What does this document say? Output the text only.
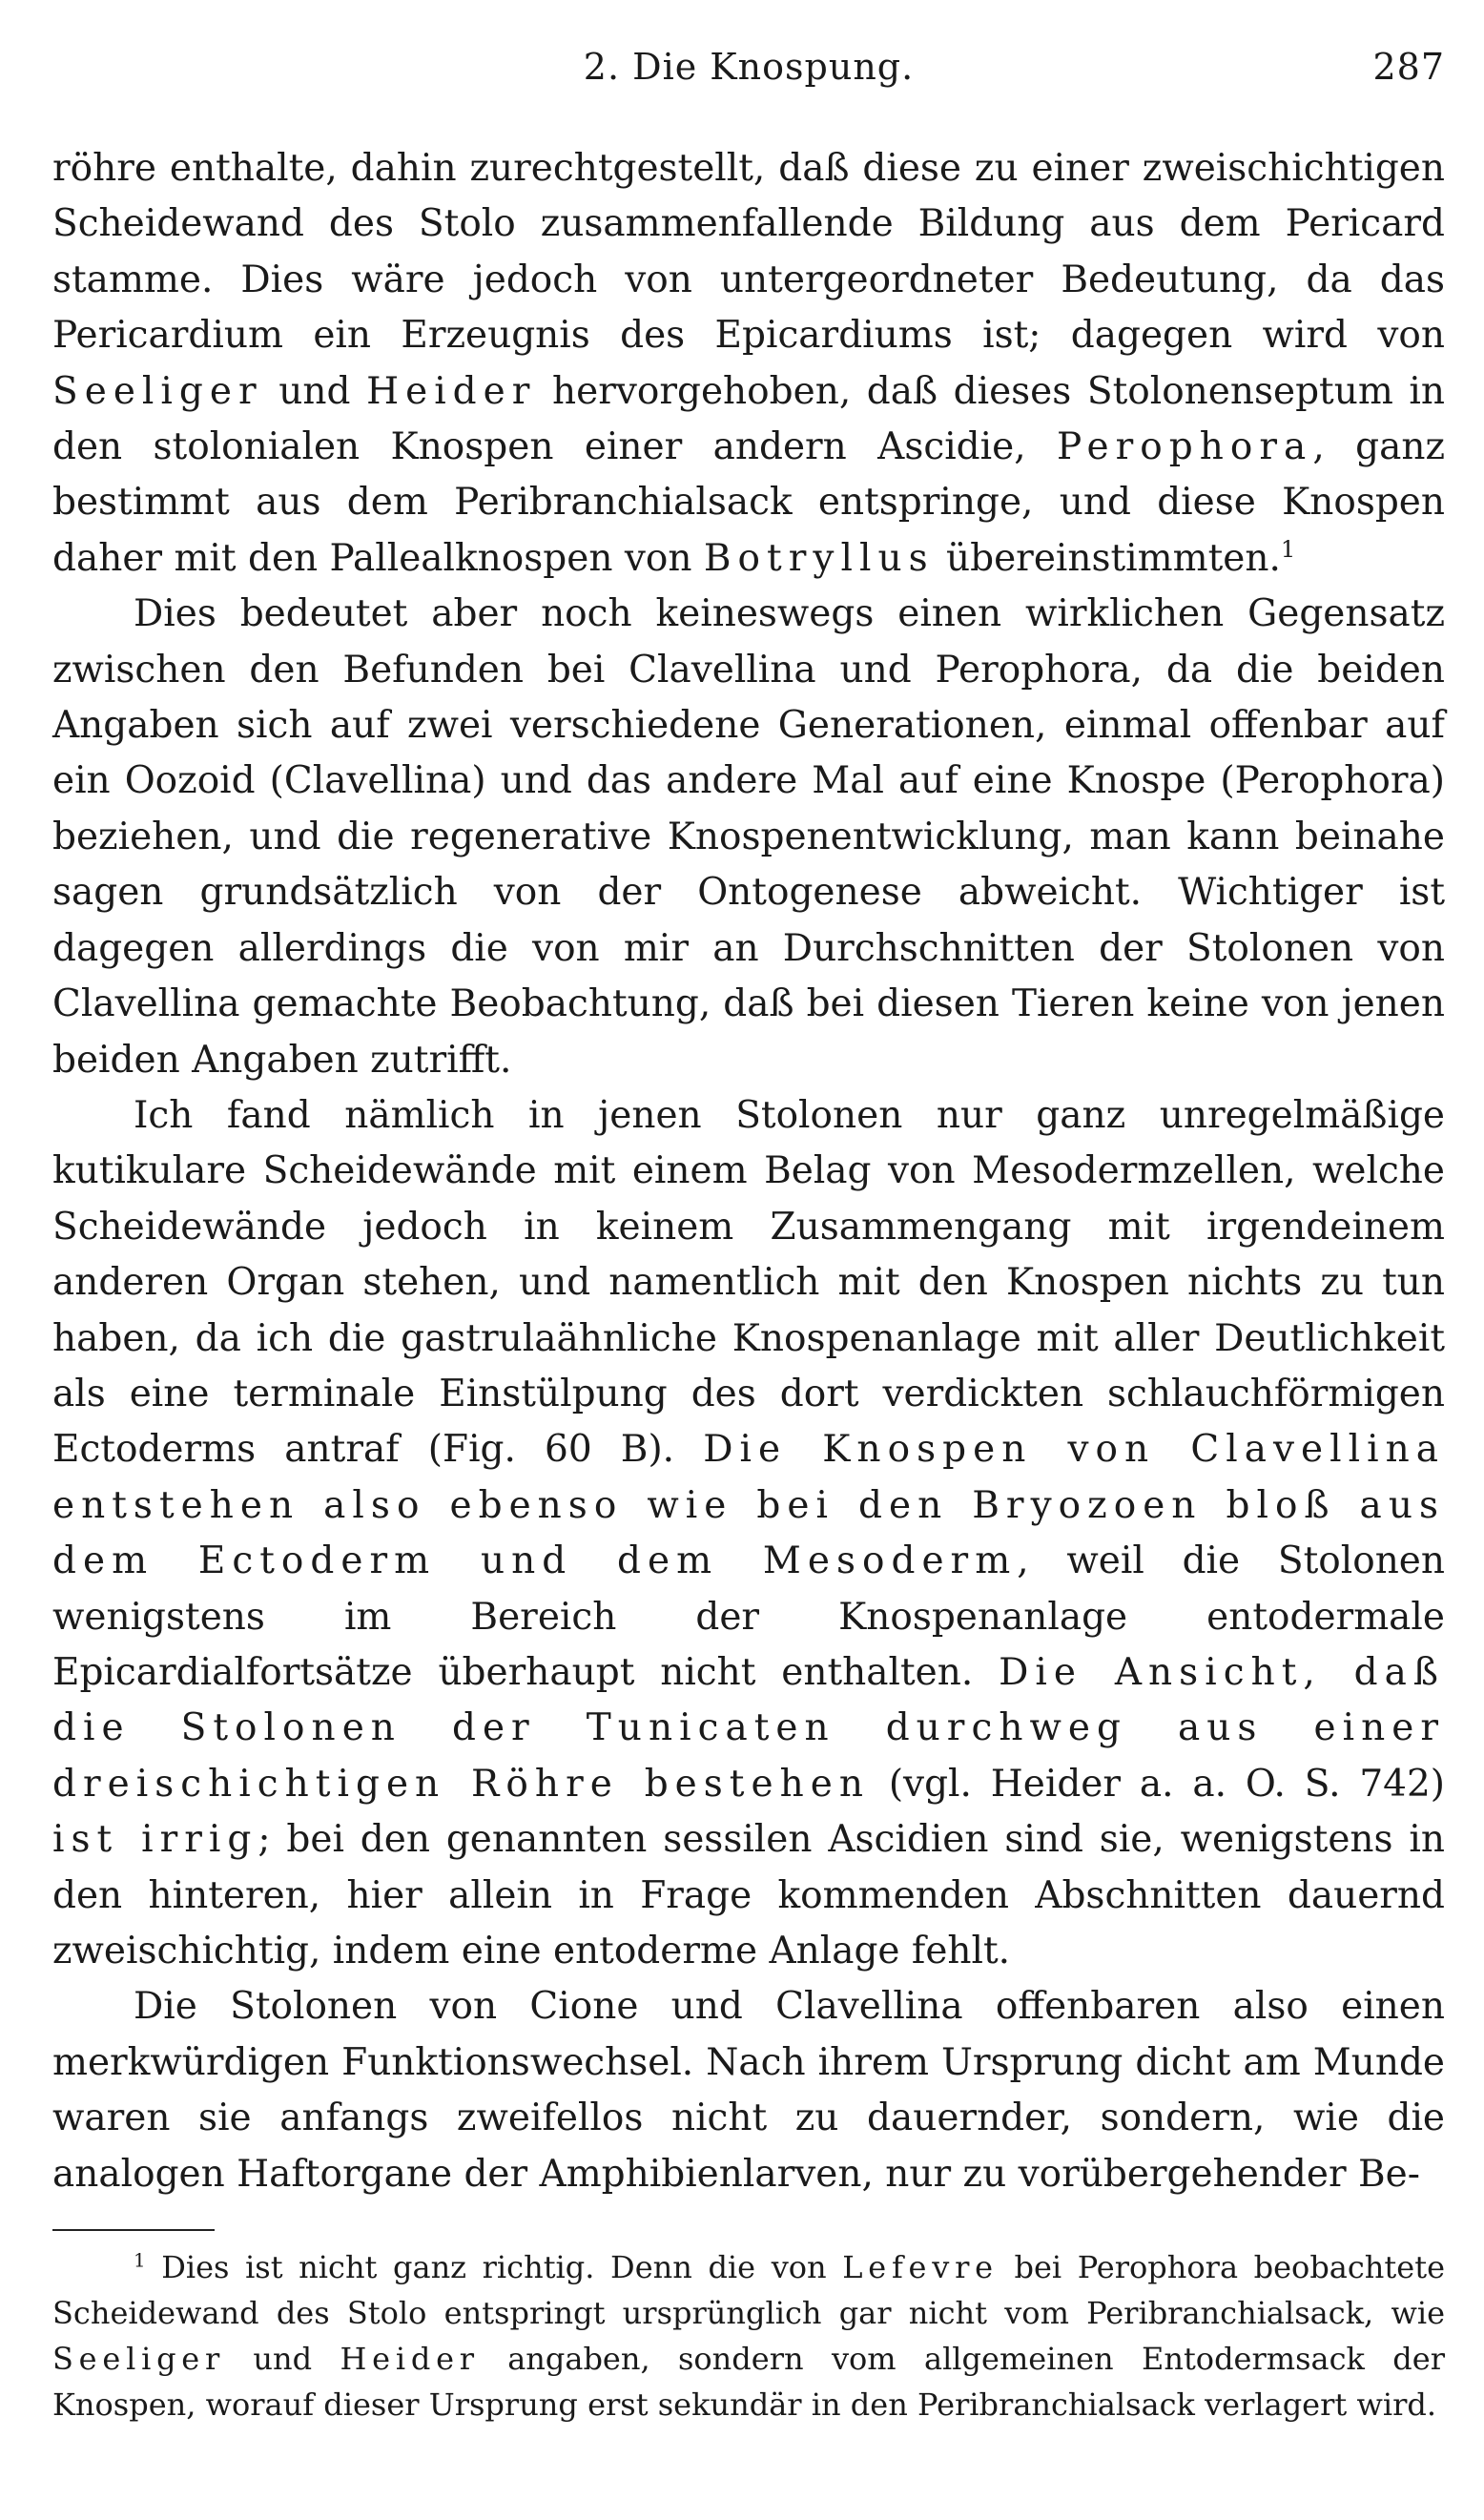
2. Die Knospung.	287

röhre enthalte, dahin zurechtgestellt, daß diese zu einer zweischichtigen Scheidewand des Stolo zusammenfallende Bildung aus dem Pericard stamme. Dies wäre jedoch von untergeordneter Bedeutung, da das Pericardium ein Erzeugnis des Epicardiums ist; dagegen wird von Seeliger und Heider hervorgehoben, daß dieses Stolonenseptum in den stolonialen Knospen einer andern Ascidie, Perophora, ganz bestimmt aus dem Peribranchialsack entspringe, und diese Knospen daher mit den Pallealknospen von Botryllus übereinstimmten.$^1$

Dies bedeutet aber noch keineswegs einen wirklichen Gegensatz zwischen den Befunden bei Clavellina und Perophora, da die beiden Angaben sich auf zwei verschiedene Generationen, einmal offenbar auf ein Oozoid (Clavellina) und das andere Mal auf eine Knospe (Perophora) beziehen, und die regenerative Knospenentwicklung, man kann beinahe sagen grundsätzlich von der Ontogenese abweicht. Wichtiger ist dagegen allerdings die von mir an Durchschnitten der Stolonen von Clavellina gemachte Beobachtung, daß bei diesen Tieren keine von jenen beiden Angaben zutrifft.

Ich fand nämlich in jenen Stolonen nur ganz unregelmäßige kutikulare Scheidewände mit einem Belag von Mesodermzellen, welche Scheidewände jedoch in keinem Zusammengang mit irgendeinem anderen Organ stehen, und namentlich mit den Knospen nichts zu tun haben, da ich die gastrulaähnliche Knospenanlage mit aller Deutlichkeit als eine terminale Einstülpung des dort verdickten schlauchförmigen Ectoderms antraf (Fig. 60 B). Die Knospen von Clavellina entstehen also ebenso wie bei den Bryozoen bloß aus dem Ectoderm und dem Mesoderm, weil die Stolonen wenigstens im Bereich der Knospenanlage entodermale Epicardialfortsätze überhaupt nicht enthalten. Die Ansicht, daß die Stolonen der Tunicaten durchweg aus einer dreischichtigen Röhre bestehen (vgl. Heider a. a. O. S. 742) ist irrig; bei den genannten sessilen Ascidien sind sie, wenigstens in den hinteren, hier allein in Frage kommenden Abschnitten dauernd zweischichtig, indem eine entoderme Anlage fehlt.

Die Stolonen von Cione und Clavellina offenbaren also einen merkwürdigen Funktionswechsel. Nach ihrem Ursprung dicht am Munde waren sie anfangs zweifellos nicht zu dauernder, sondern, wie die analogen Haftorgane der Amphibienlarven, nur zu vorübergehender Be-

$^1$ Dies ist nicht ganz richtig. Denn die von Lefevre bei Perophora beobachtete Scheidewand des Stolo entspringt ursprünglich gar nicht vom Peribranchialsack, wie Seeliger und Heider angaben, sondern vom allgemeinen Entodermsack der Knospen, worauf dieser Ursprung erst sekundär in den Peribranchialsack verlagert wird.
